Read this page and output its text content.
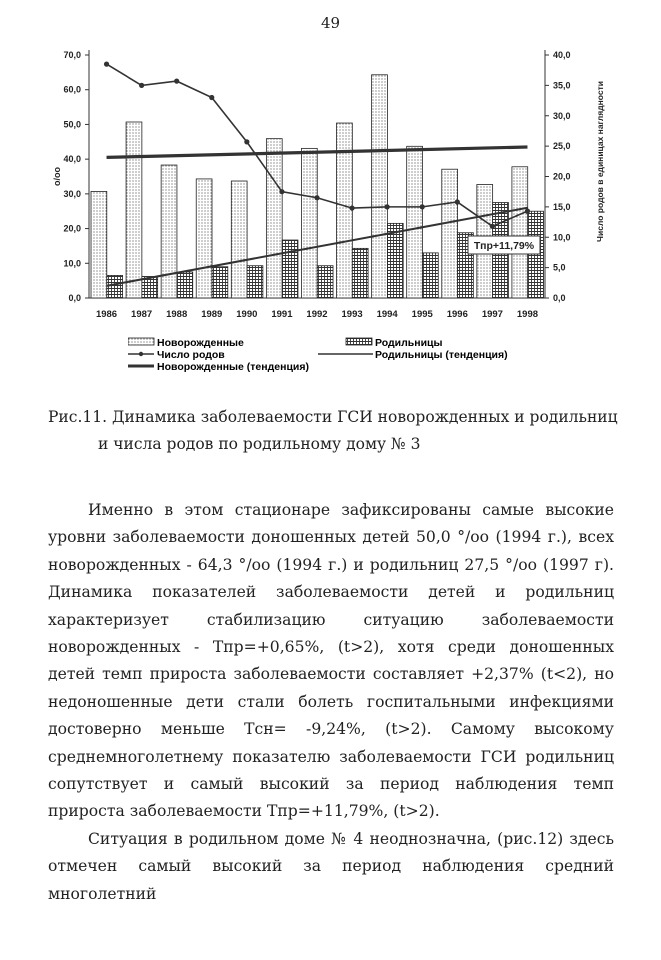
49
0,0
10,0
20,0
30,0
40,0
50,0
60,0
70,0
0,0
5,0
10,0
15,0
20,0
25,0
30,0
35,0
40,0
о/оо	Число родов в единицах наглядности
1986 1987 1988 1989 1990 1991 1992 1993 1994 1995 1996 1997 1998
Тпр+11,79%
Новорожденные	Родильницы
Число родов	Родильницы (тенденция)
Новорожденные (тенденция)
Рис.11. Динамика заболеваемости ГСИ новорожденных и родильниц
и числа родов по родильному дому № 3

Именно в этом стационаре зафиксированы самые высокие уровни заболеваемости доношенных детей 50,0 °/оо (1994 г.), всех новорожденных - 64,3 °/оо (1994 г.) и родильниц 27,5 °/оо (1997 г). Динамика показателей заболеваемости детей и родильниц характеризует стабилизацию ситуацию заболеваемости новорожденных - Тпр=+0,65%, (t>2), хотя среди доношенных детей темп прироста заболеваемости составляет +2,37% (t<2), но недоношенные дети стали болеть госпитальными инфекциями достоверно меньше Тсн= -9,24%, (t>2). Самому высокому среднемноголетнему показателю заболеваемости ГСИ родильниц сопутствует и самый высокий за период наблюдения темп прироста заболеваемости Тпр=+11,79%, (t>2).

Ситуация в родильном доме № 4 неоднозначна, (рис.12) здесь отмечен самый высокий за период наблюдения средний многолетний
